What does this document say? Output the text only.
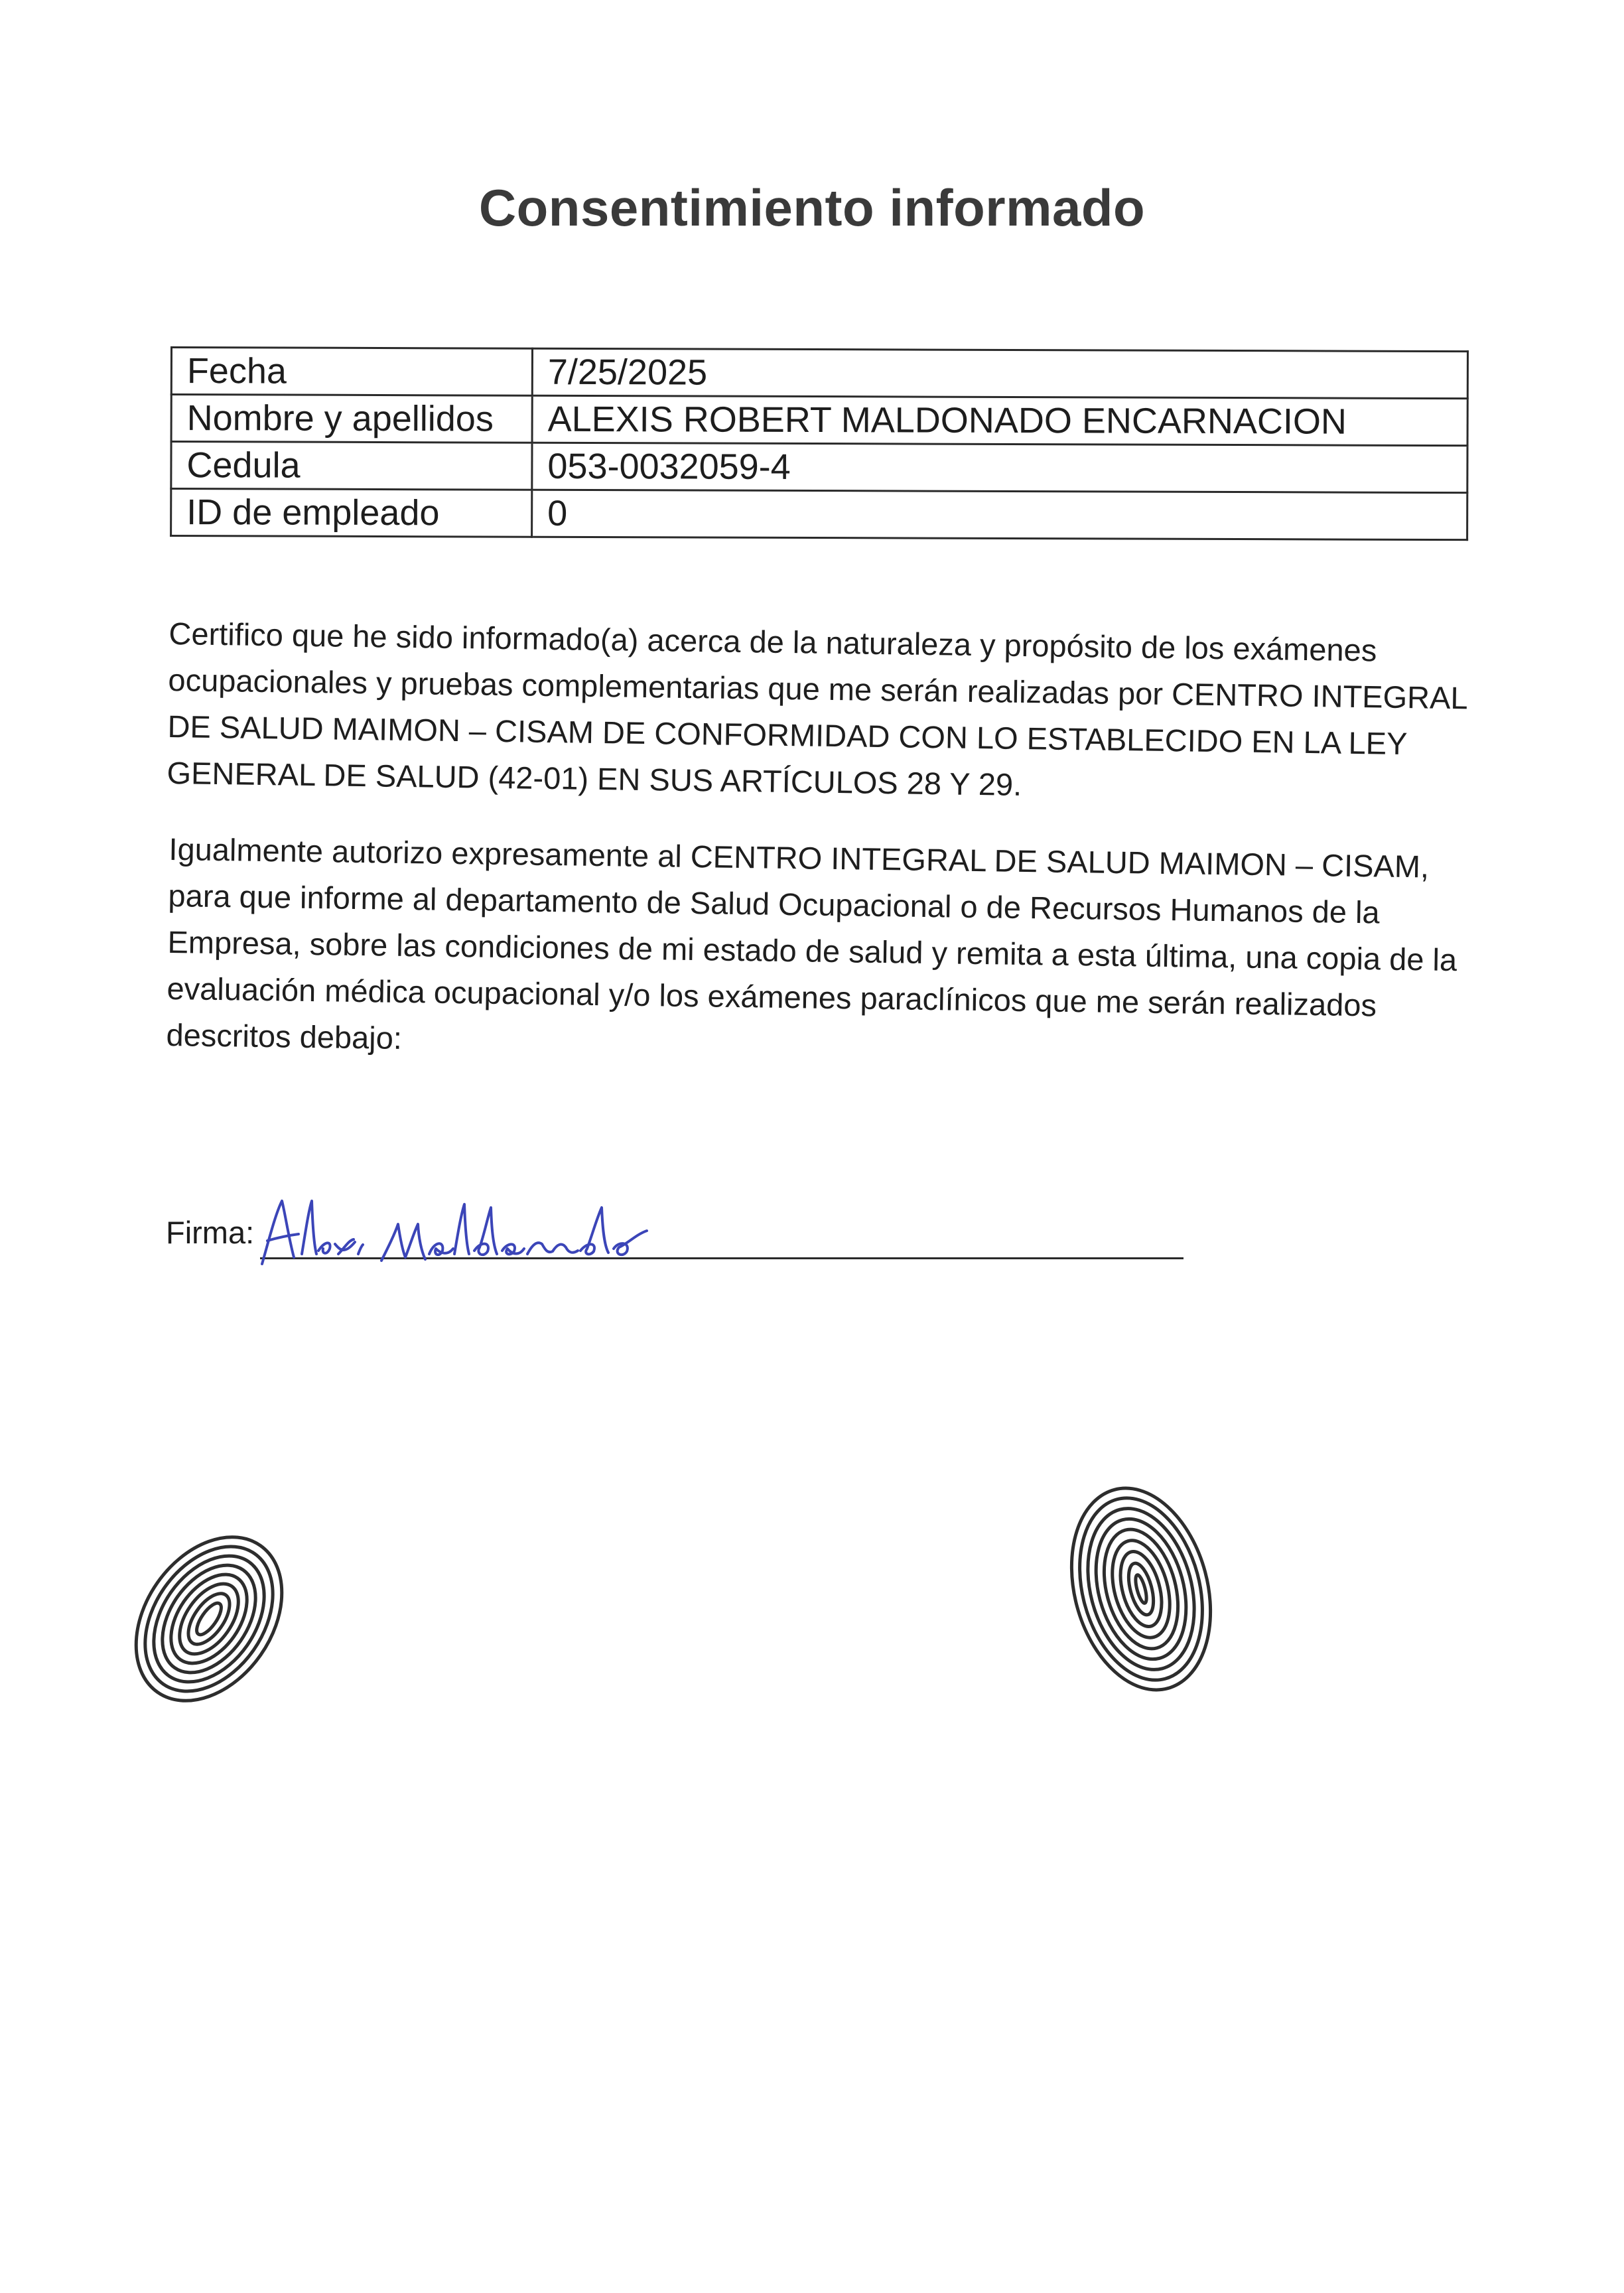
Consentimiento informado
Fecha	7/25/2025
Nombre y apellidos	ALEXIS ROBERT MALDONADO ENCARNACION
Cedula	053-0032059-4
ID de empleado	0
Certifico que he sido informado(a) acerca de la naturaleza y propósito de los exámenes ocupacionales y pruebas complementarias que me serán realizadas por CENTRO INTEGRAL DE SALUD MAIMON – CISAM DE CONFORMIDAD CON LO ESTABLECIDO EN LA LEY GENERAL DE SALUD (42-01) EN SUS ARTÍCULOS 28 Y 29.
Igualmente autorizo expresamente al CENTRO INTEGRAL DE SALUD MAIMON – CISAM, para que informe al departamento de Salud Ocupacional o de Recursos Humanos de la Empresa, sobre las condiciones de mi estado de salud y remita a esta última, una copia de la evaluación médica ocupacional y/o los exámenes paraclínicos que me serán realizados descritos debajo:
Firma:
